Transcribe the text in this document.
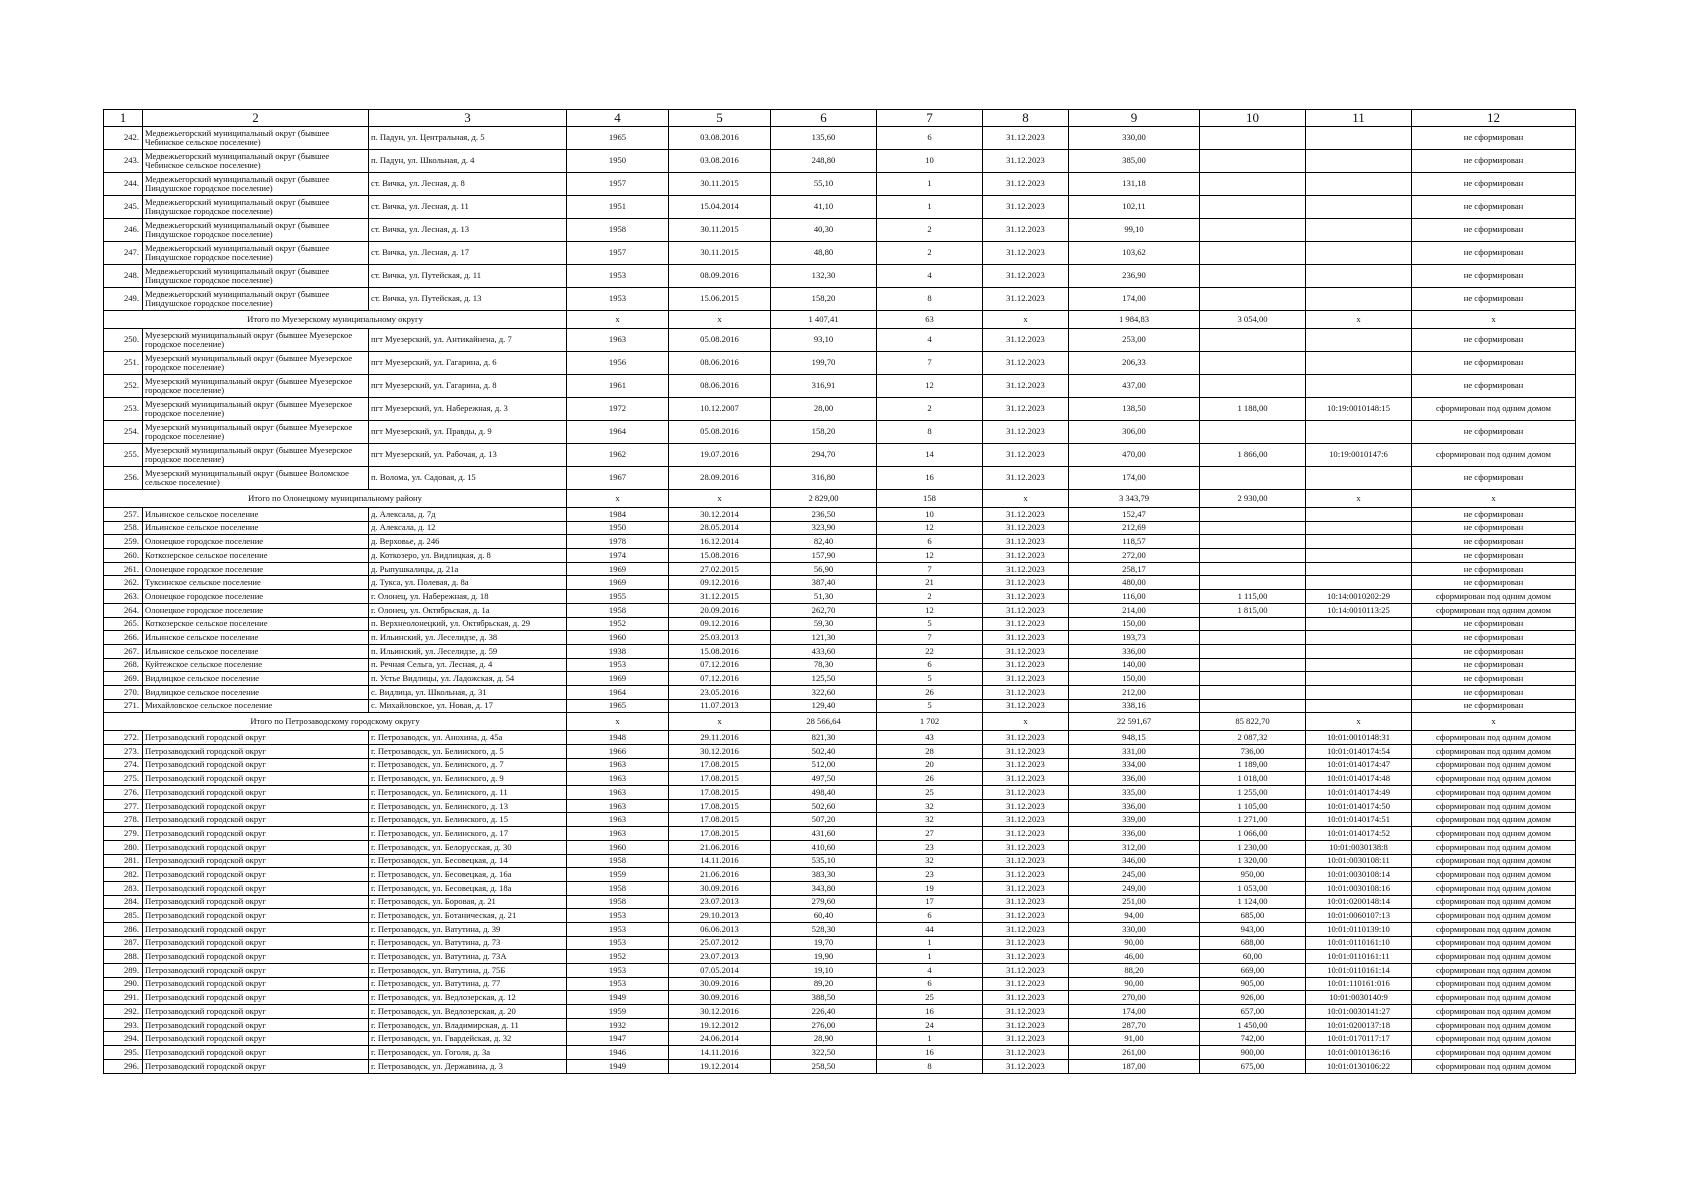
1	2	3	4	5	6	7	8	9	10	11	12
242.	Медвежьегорский муниципальный округ (бывшее Чебинское сельское поселение)	п. Падун, ул. Центральная, д. 5	1965	03.08.2016	135,60	6	31.12.2023	330,00			не сформирован
243.	Медвежьегорский муниципальный округ (бывшее Чебинское сельское поселение)	п. Падун, ул. Школьная, д. 4	1950	03.08.2016	248,80	10	31.12.2023	385,00			не сформирован
244.	Медвежьегорский муниципальный округ (бывшее Пиндушское городское поселение)	ст. Вичка, ул. Лесная, д. 8	1957	30.11.2015	55,10	1	31.12.2023	131,18			не сформирован
245.	Медвежьегорский муниципальный округ (бывшее Пиндушское городское поселение)	ст. Вичка, ул. Лесная, д. 11	1951	15.04.2014	41,10	1	31.12.2023	102,11			не сформирован
246.	Медвежьегорский муниципальный округ (бывшее Пиндушское городское поселение)	ст. Вичка, ул. Лесная, д. 13	1958	30.11.2015	40,30	2	31.12.2023	99,10			не сформирован
247.	Медвежьегорский муниципальный округ (бывшее Пиндушское городское поселение)	ст. Вичка, ул. Лесная, д. 17	1957	30.11.2015	48,80	2	31.12.2023	103,62			не сформирован
248.	Медвежьегорский муниципальный округ (бывшее Пиндушское городское поселение)	ст. Вичка, ул. Путейская, д. 11	1953	08.09.2016	132,30	4	31.12.2023	236,90			не сформирован
249.	Медвежьегорский муниципальный округ (бывшее Пиндушское городское поселение)	ст. Вичка, ул. Путейская, д. 13	1953	15.06.2015	158,20	8	31.12.2023	174,00			не сформирован
Итого по Муезерскому муниципальному округу			x	x	1 407,41	63	x	1 984,83	3 054,00	x	x
250.	Муезерский муниципальный округ (бывшее Муезерское городское поселение)	пгт Муезерский, ул. Антикайнена, д. 7	1963	05.08.2016	93,10	4	31.12.2023	253,00			не сформирован
251.	Муезерский муниципальный округ (бывшее Муезерское городское поселение)	пгт Муезерский, ул. Гагарина, д. 6	1956	08.06.2016	199,70	7	31.12.2023	206,33			не сформирован
252.	Муезерский муниципальный округ (бывшее Муезерское городское поселение)	пгт Муезерский, ул. Гагарина, д. 8	1961	08.06.2016	316,91	12	31.12.2023	437,00			не сформирован
253.	Муезерский муниципальный округ (бывшее Муезерское городское поселение)	пгт Муезерский, ул. Набережная, д. 3	1972	10.12.2007	28,00	2	31.12.2023	138,50	1 188,00	10:19:0010148:15	сформирован под одним домом
254.	Муезерский муниципальный округ (бывшее Муезерское городское поселение)	пгт Муезерский, ул. Правды, д. 9	1964	05.08.2016	158,20	8	31.12.2023	306,00			не сформирован
255.	Муезерский муниципальный округ (бывшее Муезерское городское поселение)	пгт Муезерский, ул. Рабочая, д. 13	1962	19.07.2016	294,70	14	31.12.2023	470,00	1 866,00	10:19:0010147:6	сформирован под одним домом
256.	Муезерский муниципальный округ (бывшее Воломское сельское поселение)	п. Волома, ул. Садовая, д. 15	1967	28.09.2016	316,80	16	31.12.2023	174,00			не сформирован
Итого по Олонецкому муниципальному району			x	x	2 829,00	158	x	3 343,79	2 930,00	x	x
257.	Ильинское сельское поселение	д. Алексала, д. 7д	1984	30.12.2014	236,50	10	31.12.2023	152,47			не сформирован
258.	Ильинское сельское поселение	д. Алексала, д. 12	1950	28.05.2014	323,90	12	31.12.2023	212,69			не сформирован
259.	Олонецкое городское поселение	д. Верховье, д. 246	1978	16.12.2014	82,40	6	31.12.2023	118,57			не сформирован
260.	Коткозерское сельское поселение	д. Коткозеро, ул. Видлицкая, д. 8	1974	15.08.2016	157,90	12	31.12.2023	272,00			не сформирован
261.	Олонецкое городское поселение	д. Рыпушкалицы, д. 21а	1969	27.02.2015	56,90	7	31.12.2023	258,17			не сформирован
262.	Туксинское сельское поселение	д. Тукса, ул. Полевая, д. 8а	1969	09.12.2016	387,40	21	31.12.2023	480,00			не сформирован
263.	Олонецкое городское поселение	г. Олонец, ул. Набережная, д. 18	1955	31.12.2015	51,30	2	31.12.2023	116,00	1 115,00	10:14:0010202:29	сформирован под одним домом
264.	Олонецкое городское поселение	г. Олонец, ул. Октябрьская, д. 1а	1958	20.09.2016	262,70	12	31.12.2023	214,00	1 815,00	10:14:0010113:25	сформирован под одним домом
265.	Коткозерское сельское поселение	п. Верхнеолонецкий, ул. Октябрьская, д. 29	1952	09.12.2016	59,30	5	31.12.2023	150,00			не сформирован
266.	Ильинское сельское поселение	п. Ильинский, ул. Леселидзе, д. 38	1960	25.03.2013	121,30	7	31.12.2023	193,73			не сформирован
267.	Ильинское сельское поселение	п. Ильинский, ул. Леселидзе, д. 59	1938	15.08.2016	433,60	22	31.12.2023	336,00			не сформирован
268.	Куйтежское сельское поселение	п. Речная Сельга, ул. Лесная, д. 4	1953	07.12.2016	78,30	6	31.12.2023	140,00			не сформирован
269.	Видлицкое сельское поселение	п. Устье Видлицы, ул. Ладожская, д. 54	1969	07.12.2016	125,50	5	31.12.2023	150,00			не сформирован
270.	Видлицкое сельское поселение	с. Видлица, ул. Школьная, д. 31	1964	23.05.2016	322,60	26	31.12.2023	212,00			не сформирован
271.	Михайловское сельское поселение	с. Михайловское, ул. Новая, д. 17	1965	11.07.2013	129,40	5	31.12.2023	338,16			не сформирован
Итого по Петрозаводскому городскому округу			x	x	28 566,64	1 702	x	22 591,67	85 822,70	x	x
272.	Петрозаводский городской округ	г. Петрозаводск, ул. Анохина, д. 45а	1948	29.11.2016	821,30	43	31.12.2023	948,15	2 087,32	10:01:0010148:31	сформирован под одним домом
273.	Петрозаводский городской округ	г. Петрозаводск, ул. Белинского, д. 5	1966	30.12.2016	502,40	28	31.12.2023	331,00	736,00	10:01:0140174:54	сформирован под одним домом
274.	Петрозаводский городской округ	г. Петрозаводск, ул. Белинского, д. 7	1963	17.08.2015	512,00	20	31.12.2023	334,00	1 189,00	10:01:0140174:47	сформирован под одним домом
275.	Петрозаводский городской округ	г. Петрозаводск, ул. Белинского, д. 9	1963	17.08.2015	497,50	26	31.12.2023	336,00	1 018,00	10:01:0140174:48	сформирован под одним домом
276.	Петрозаводский городской округ	г. Петрозаводск, ул. Белинского, д. 11	1963	17.08.2015	498,40	25	31.12.2023	335,00	1 255,00	10:01:0140174:49	сформирован под одним домом
277.	Петрозаводский городской округ	г. Петрозаводск, ул. Белинского, д. 13	1963	17.08.2015	502,60	32	31.12.2023	336,00	1 105,00	10:01:0140174:50	сформирован под одним домом
278.	Петрозаводский городской округ	г. Петрозаводск, ул. Белинского, д. 15	1963	17.08.2015	507,20	32	31.12.2023	339,00	1 271,00	10:01:0140174:51	сформирован под одним домом
279.	Петрозаводский городской округ	г. Петрозаводск, ул. Белинского, д. 17	1963	17.08.2015	431,60	27	31.12.2023	336,00	1 066,00	10:01:0140174:52	сформирован под одним домом
280.	Петрозаводский городской округ	г. Петрозаводск, ул. Белорусская, д. 30	1960	21.06.2016	410,60	23	31.12.2023	312,00	1 230,00	10:01:0030138:8	сформирован под одним домом
281.	Петрозаводский городской округ	г. Петрозаводск, ул. Бесовецкая, д. 14	1958	14.11.2016	535,10	32	31.12.2023	346,00	1 320,00	10:01:0030108:11	сформирован под одним домом
282.	Петрозаводский городской округ	г. Петрозаводск, ул. Бесовецкая, д. 16а	1959	21.06.2016	383,30	23	31.12.2023	245,00	950,00	10:01:0030108:14	сформирован под одним домом
283.	Петрозаводский городской округ	г. Петрозаводск, ул. Бесовецкая, д. 18а	1958	30.09.2016	343,80	19	31.12.2023	249,00	1 053,00	10:01:0030108:16	сформирован под одним домом
284.	Петрозаводский городской округ	г. Петрозаводск, ул. Боровая, д. 21	1958	23.07.2013	279,60	17	31.12.2023	251,00	1 124,00	10:01:0200148:14	сформирован под одним домом
285.	Петрозаводский городской округ	г. Петрозаводск, ул. Ботаническая, д. 21	1953	29.10.2013	60,40	6	31.12.2023	94,00	685,00	10:01:0060107:13	сформирован под одним домом
286.	Петрозаводский городской округ	г. Петрозаводск, ул. Ватутина, д. 39	1953	06.06.2013	528,30	44	31.12.2023	330,00	943,00	10:01:0110139:10	сформирован под одним домом
287.	Петрозаводский городской округ	г. Петрозаводск, ул. Ватутина, д. 73	1953	25.07.2012	19,70	1	31.12.2023	90,00	688,00	10:01:0110161:10	сформирован под одним домом
288.	Петрозаводский городской округ	г. Петрозаводск, ул. Ватутина, д. 73А	1952	23.07.2013	19,90	1	31.12.2023	46,00	60,00	10:01:0110161:11	сформирован под одним домом
289.	Петрозаводский городской округ	г. Петрозаводск, ул. Ватутина, д. 75Б	1953	07.05.2014	19,10	4	31.12.2023	88,20	669,00	10:01:0110161:14	сформирован под одним домом
290.	Петрозаводский городской округ	г. Петрозаводск, ул. Ватутина, д. 77	1953	30.09.2016	89,20	6	31.12.2023	90,00	905,00	10:01:110161:016	сформирован под одним домом
291.	Петрозаводский городской округ	г. Петрозаводск, ул. Ведлозерская, д. 12	1949	30.09.2016	388,50	25	31.12.2023	270,00	926,00	10:01:0030140:9	сформирован под одним домом
292.	Петрозаводский городской округ	г. Петрозаводск, ул. Ведлозерская, д. 20	1959	30.12.2016	226,40	16	31.12.2023	174,00	657,00	10:01:0030141:27	сформирован под одним домом
293.	Петрозаводский городской округ	г. Петрозаводск, ул. Владимирская, д. 11	1932	19.12.2012	276,00	24	31.12.2023	287,70	1 450,00	10:01:0200137:18	сформирован под одним домом
294.	Петрозаводский городской округ	г. Петрозаводск, ул. Гвардейская, д. 32	1947	24.06.2014	28,90	1	31.12.2023	91,00	742,00	10:01:0170117:17	сформирован под одним домом
295.	Петрозаводский городской округ	г. Петрозаводск, ул. Гоголя, д. 3а	1946	14.11.2016	322,50	16	31.12.2023	261,00	900,00	10:01:0010136:16	сформирован под одним домом
296.	Петрозаводский городской округ	г. Петрозаводск, ул. Державина, д. 3	1949	19.12.2014	258,50	8	31.12.2023	187,00	675,00	10:01:0130106:22	сформирован под одним домом
